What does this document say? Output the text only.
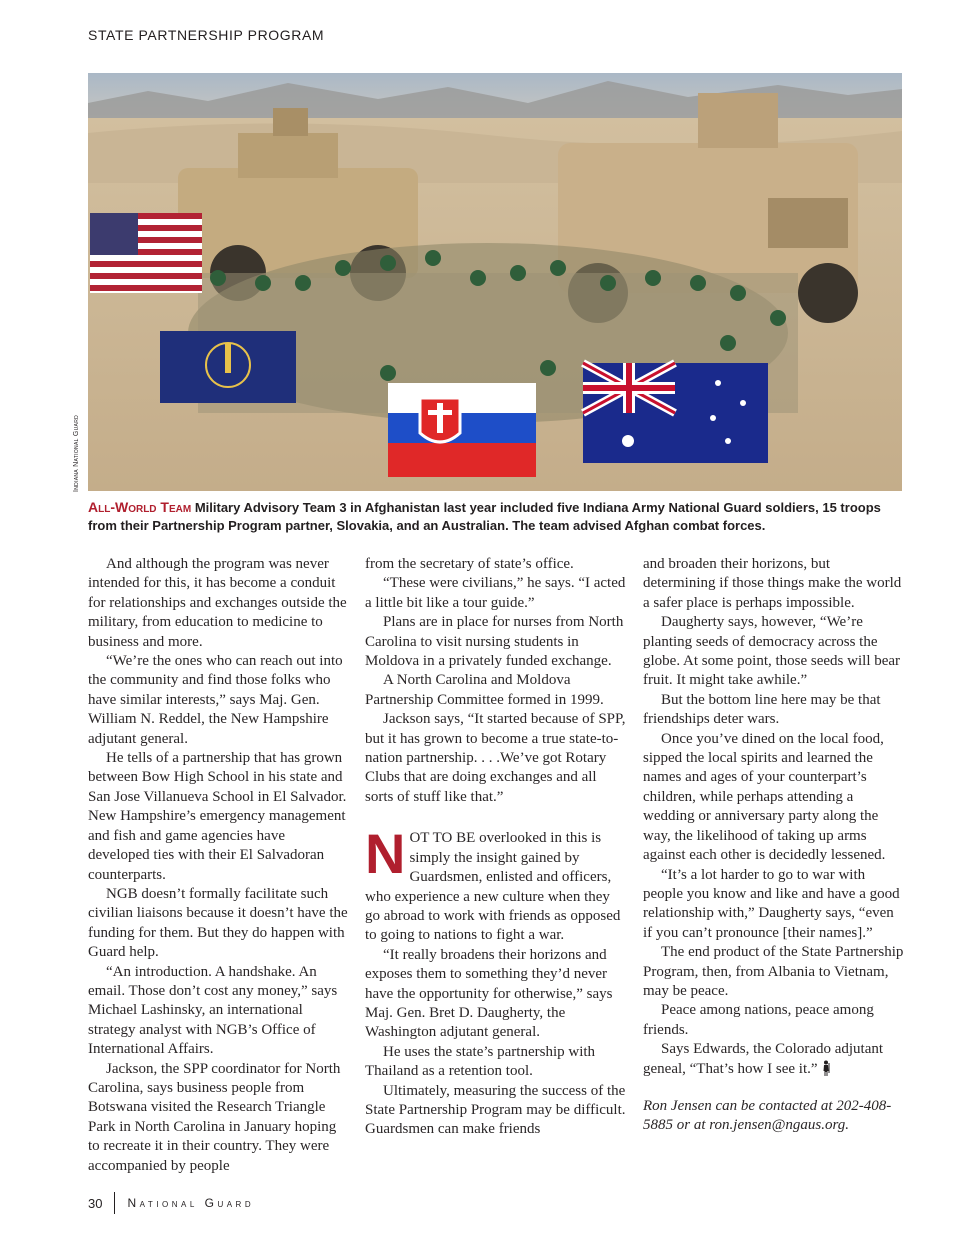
STATE PARTNERSHIP PROGRAM
Indiana National Guard
All-World Team Military Advisory Team 3 in Afghanistan last year included five Indiana Army National Guard soldiers, 15 troops from their Partnership Program partner, Slovakia, and an Australian. The team advised Afghan combat forces.

And although the program was never intended for this, it has become a conduit for relationships and exchanges outside the military, from education to medicine to business and more.

“We’re the ones who can reach out into the community and find those folks who have similar interests,” says Maj. Gen. William N. Reddel, the New Hampshire adjutant general.

He tells of a partnership that has grown between Bow High School in his state and San Jose Villanueva School in El Salvador. New Hampshire’s emergency management and fish and game agencies have developed ties with their El Salvadoran counterparts.

NGB doesn’t formally facilitate such civilian liaisons because it doesn’t have the funding for them. But they do happen with Guard help.

“An introduction. A handshake. An email. Those don’t cost any money,” says Michael Lashinsky, an international strategy analyst with NGB’s Office of International Affairs.

Jackson, the SPP coordinator for North Carolina, says business people from Botswana visited the Research Triangle Park in North Carolina in January hoping to recreate it in their country. They were accompanied by people

from the secretary of state’s office.

“These were civilians,” he says. “I acted a little bit like a tour guide.”

Plans are in place for nurses from North Carolina to visit nursing students in Moldova in a privately funded exchange.

A North Carolina and Moldova Partnership Committee formed in 1999.

Jackson says, “It started because of SPP, but it has grown to become a true state-to-nation partnership. . . .We’ve got Rotary Clubs that are doing exchanges and all sorts of stuff like that.”

NOT TO BE overlooked in this is simply the insight gained by Guardsmen, enlisted and officers, who experience a new culture when they go abroad to work with friends as opposed to going to nations to fight a war.

“It really broadens their horizons and exposes them to something they’d never have the opportunity for otherwise,” says Maj. Gen. Bret D. Daugherty, the Washington adjutant general.

He uses the state’s partnership with Thailand as a retention tool.

Ultimately, measuring the success of the State Partnership Program may be difficult. Guardsmen can make friends

and broaden their horizons, but determining if those things make the world a safer place is perhaps impossible.

Daugherty says, however, “We’re planting seeds of democracy across the globe. At some point, those seeds will bear fruit. It might take awhile.”

But the bottom line here may be that friendships deter wars.

Once you’ve dined on the local food, sipped the local spirits and learned the names and ages of your counterpart’s children, while perhaps attending a wedding or anniversary party along the way, the likelihood of taking up arms against each other is decidedly lessened.

“It’s a lot harder to go to war with people you know and like and have a good relationship with,” Daugherty says, “even if you can’t pronounce [their names].”

The end product of the State Partnership Program, then, from Albania to Vietnam, may be peace.

Peace among nations, peace among friends.

Says Edwards, the Colorado adjutant geneal, “That’s how I see it.”

Ron Jensen can be contacted at 202-408-5885 or at ron.jensen@ngaus.org.

30 National Guard
